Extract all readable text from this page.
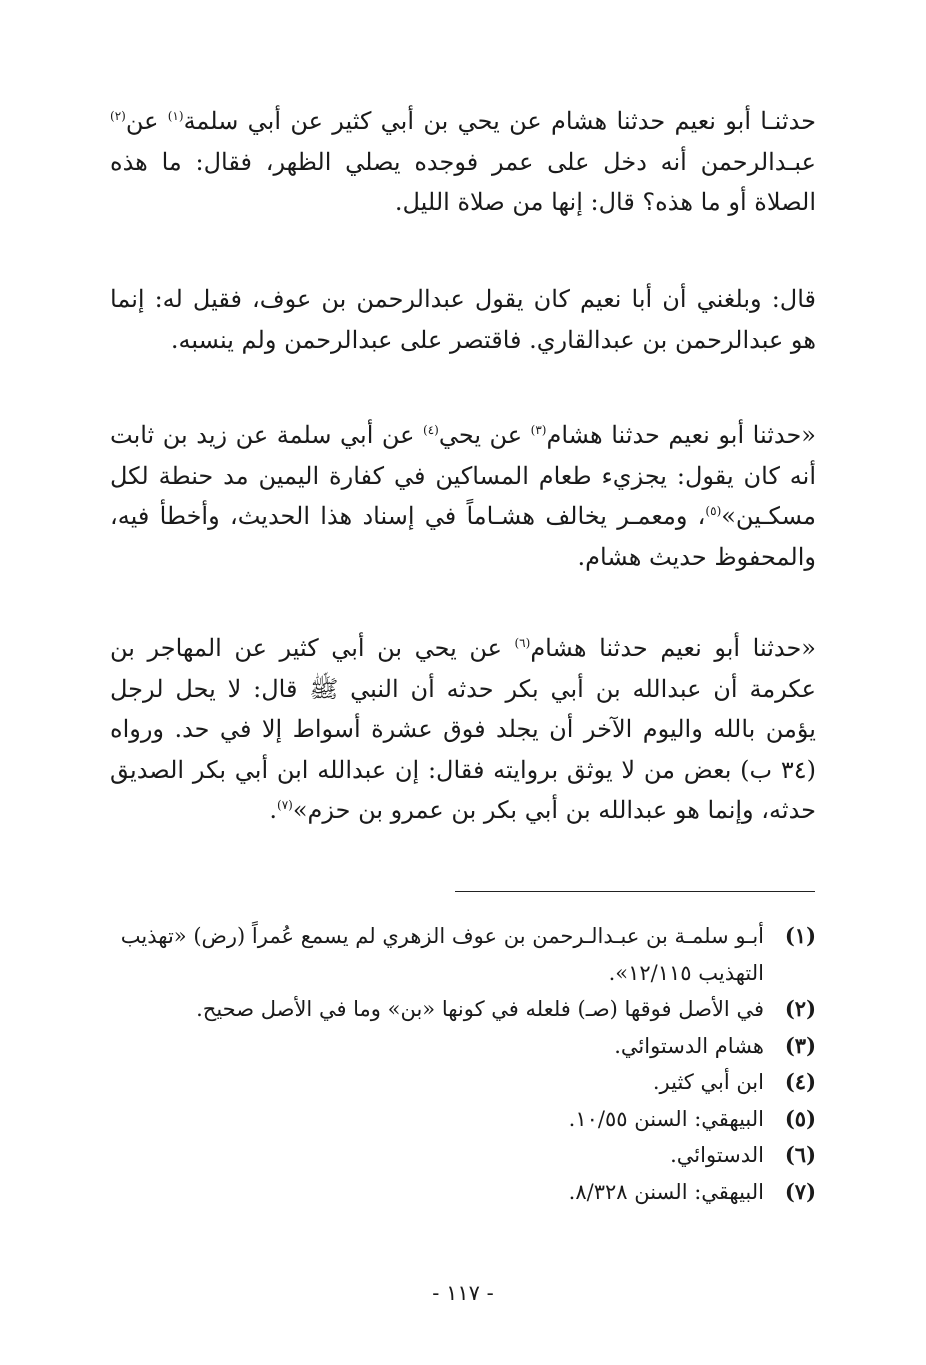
حدثنـا أبو نعيم حدثنا هشام عن يحي بن أبي كثير عن أبي سلمة$^{(١)}$ عن$^{(٢)}$ عبـدالرحمن أنه دخل على عمر فوجده يصلي الظهر، فقال: ما هذه الصلاة أو ما هذه؟ قال: إنها من صلاة الليل.

قال: وبلغني أن أبا نعيم كان يقول عبدالرحمن بن عوف، فقيل له: إنما هو عبدالرحمن بن عبدالقاري. فاقتصر على عبدالرحمن ولم ينسبه.

«حدثنا أبو نعيم حدثنا هشام$^{(٣)}$ عن يحي$^{(٤)}$ عن أبي سلمة عن زيد بن ثابت أنه كان يقول: يجزيء طعام المساكين في كفارة اليمين مد حنطة لكل مسكـين»$^{(٥)}$، ومعمـر يخالف هشـاماً في إسناد هذا الحديث، وأخطأ فيه، والمحفوظ حديث هشام.

«حدثنا أبو نعيم حدثنا هشام$^{(٦)}$ عن يحي بن أبي كثير عن المهاجر بن عكرمة أن عبدالله بن أبي بكر حدثه أن النبي ﷺ قال: لا يحل لرجل يؤمن بالله واليوم الآخر أن يجلد فوق عشرة أسواط إلا في حد. ورواه (٣٤ ب) بعض من لا يوثق بروايته فقال: إن عبدالله ابن أبي بكر الصديق حدثه، وإنما هو عبدالله بن أبي بكر بن عمرو بن حزم»$^{(٧)}$.

(١)
أبـو سلمـة بن عبـدالـرحمن بن عوف الزهري لم يسمع عُمراً (رض) «تهذيب التهذيب ١٢/١١٥».
(٢)
في الأصل فوقها (صـ) فلعله في كونها «بن» وما في الأصل صحيح.
(٣)
هشام الدستوائي.
(٤)
ابن أبي كثير.
(٥)
البيهقي: السنن ١٠/٥٥.
(٦)
الدستوائي.
(٧)
البيهقي: السنن ٨/٣٢٨.
- ١١٧ -
